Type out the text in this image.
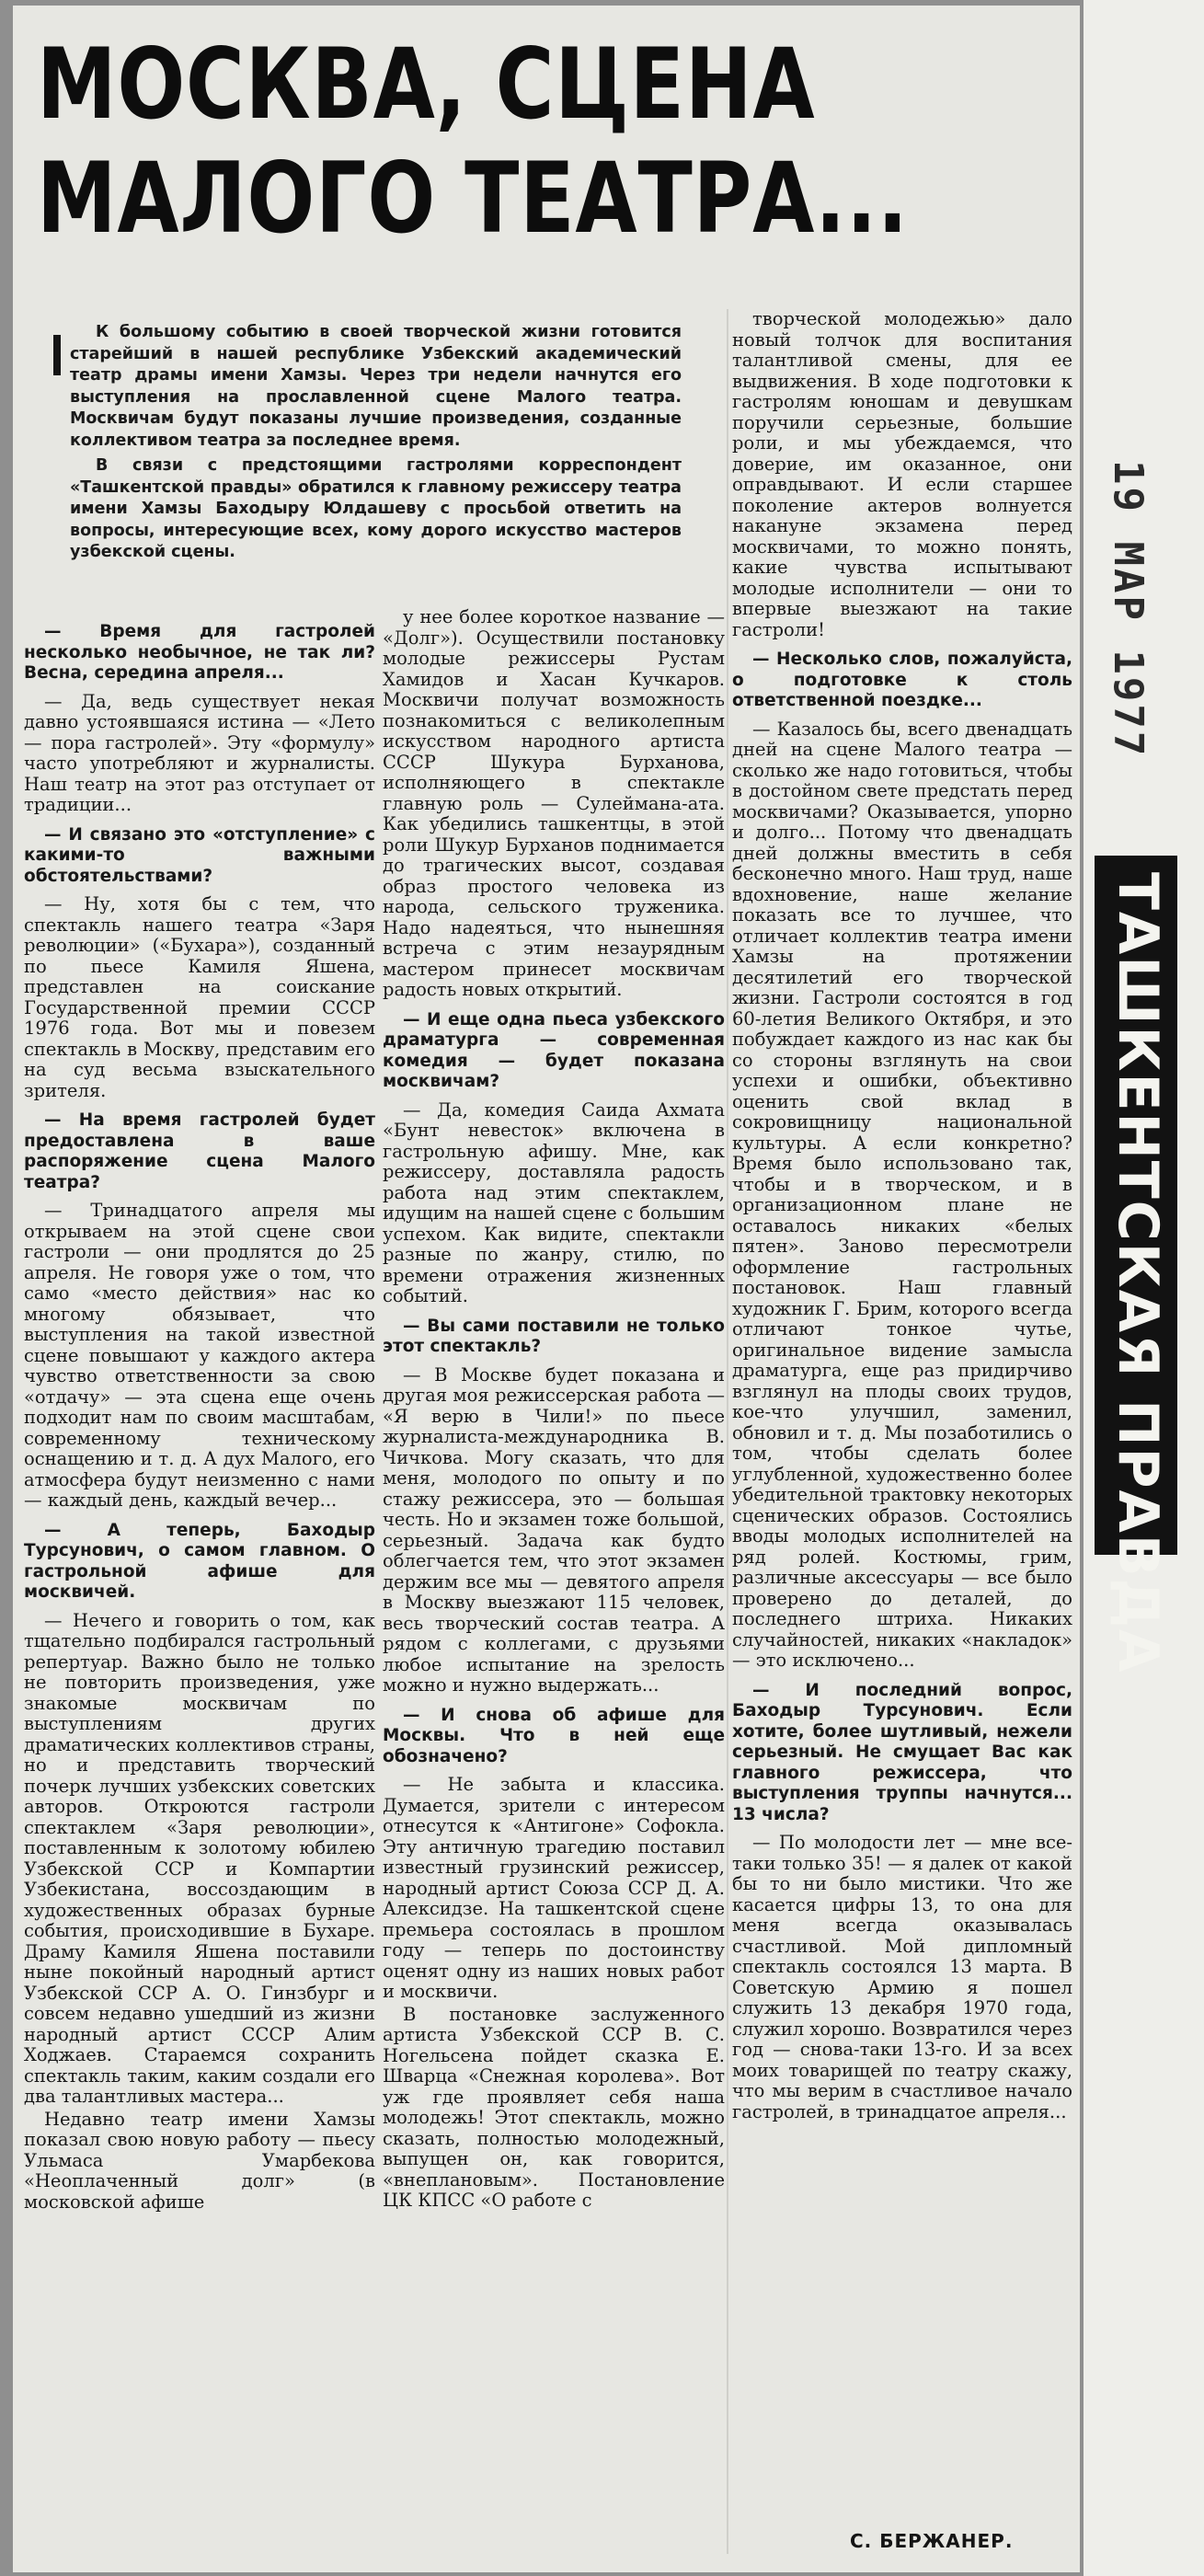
МОСКВА, СЦЕНА
МАЛОГО ТЕАТРА...

К большому событию в своей творческой жизни готовится старейший в нашей республике Узбекский академический театр драмы имени Хамзы. Через три недели начнутся его выступления на прославленной сцене Малого театра. Москвичам будут показаны лучшие произведения, созданные коллективом театра за последнее время.

В связи с предстоящими гастролями корреспондент «Ташкентской правды» обратился к главному режиссеру театра имени Хамзы Баходыру Юлдашеву с просьбой ответить на вопросы, интересующие всех, кому дорого искусство мастеров узбекской сцены.

— Время для гастролей несколько необычное, не так ли? Весна, середина апреля...

— Да, ведь существует некая давно устоявшаяся истина — «Лето — пора гастролей». Эту «формулу» часто употребляют и журналисты. Наш театр на этот раз отступает от традиции...

— И связано это «отступление» с какими-то важными обстоятельствами?

— Ну, хотя бы с тем, что спектакль нашего театра «Заря революции» («Бухара»), созданный по пьесе Камиля Яшена, представлен на соискание Государственной премии СССР 1976 года. Вот мы и повезем спектакль в Москву, представим его на суд весьма взыскательного зрителя.

— На время гастролей будет предоставлена в ваше распоряжение сцена Малого театра?

— Тринадцатого апреля мы открываем на этой сцене свои гастроли — они продлятся до 25 апреля. Не говоря уже о том, что само «место действия» нас ко многому обязывает, что выступления на такой известной сцене повышают у каждого актера чувство ответственности за свою «отдачу» — эта сцена еще очень подходит нам по своим масштабам, современному техническому оснащению и т. д. А дух Малого, его атмосфера будут неизменно с нами — каждый день, каждый вечер...

— А теперь, Баходыр Турсунович, о самом главном. О гастрольной афише для москвичей.

— Нечего и говорить о том, как тщательно подбирался гастрольный репертуар. Важно было не только не повторить произведения, уже знакомые москвичам по выступлениям других драматических коллективов страны, но и представить творческий почерк лучших узбекских советских авторов. Откроются гастроли спектаклем «Заря революции», поставленным к золотому юбилею Узбекской ССР и Компартии Узбекистана, воссоздающим в художественных образах бурные события, происходившие в Бухаре. Драму Камиля Яшена поставили ныне покойный народный артист Узбекской ССР А. О. Гинзбург и совсем недавно ушедший из жизни народный артист СССР Алим Ходжаев. Стараемся сохранить спектакль таким, каким создали его два талантливых мастера...

Недавно театр имени Хамзы показал свою новую работу — пьесу Ульмаса Умарбекова «Неоплаченный долг» (в московской афише

у нее более короткое название — «Долг»). Осуществили постановку молодые режиссеры Рустам Хамидов и Хасан Кучкаров. Москвичи получат возможность познакомиться с великолепным искусством народного артиста СССР Шукура Бурханова, исполняющего в спектакле главную роль — Сулеймана-ата. Как убедились ташкентцы, в этой роли Шукур Бурханов поднимается до трагических высот, создавая образ простого человека из народа, сельского труженика. Надо надеяться, что нынешняя встреча с этим незаурядным мастером принесет москвичам радость новых открытий.

— И еще одна пьеса узбекского драматурга — современная комедия — будет показана москвичам?

— Да, комедия Саида Ахмата «Бунт невесток» включена в гастрольную афишу. Мне, как режиссеру, доставляла радость работа над этим спектаклем, идущим на нашей сцене с большим успехом. Как видите, спектакли разные по жанру, стилю, по времени отражения жизненных событий.

— Вы сами поставили не только этот спектакль?

— В Москве будет показана и другая моя режиссерская работа — «Я верю в Чили!» по пьесе журналиста-международника В. Чичкова. Могу сказать, что для меня, молодого по опыту и по стажу режиссера, это — большая честь. Но и экзамен тоже большой, серьезный. Задача как будто облегчается тем, что этот экзамен держим все мы — девятого апреля в Москву выезжают 115 человек, весь творческий состав театра. А рядом с коллегами, с друзьями любое испытание на зрелость можно и нужно выдержать...

— И снова об афише для Москвы. Что в ней еще обозначено?

— Не забыта и классика. Думается, зрители с интересом отнесутся к «Антигоне» Софокла. Эту античную трагедию поставил известный грузинский режиссер, народный артист Союза ССР Д. А. Алексидзе. На ташкентской сцене премьера состоялась в прошлом году — теперь по достоинству оценят одну из наших новых работ и москвичи.

В постановке заслуженного артиста Узбекской ССР В. С. Ногельсена пойдет сказка Е. Шварца «Снежная королева». Вот уж где проявляет себя наша молодежь! Этот спектакль, можно сказать, полностью молодежный, выпущен он, как говорится, «внеплановым». Постановление ЦК КПСС «О работе с

творческой молодежью» дало новый толчок для воспитания талантливой смены, для ее выдвижения. В ходе подготовки к гастролям юношам и девушкам поручили серьезные, большие роли, и мы убеждаемся, что доверие, им оказанное, они оправдывают. И если старшее поколение актеров волнуется накануне экзамена перед москвичами, то можно понять, какие чувства испытывают молодые исполнители — они то впервые выезжают на такие гастроли!

— Несколько слов, пожалуйста, о подготовке к столь ответственной поездке...

— Казалось бы, всего двенадцать дней на сцене Малого театра — сколько же надо готовиться, чтобы в достойном свете предстать перед москвичами? Оказывается, упорно и долго... Потому что двенадцать дней должны вместить в себя бесконечно много. Наш труд, наше вдохновение, наше желание показать все то лучшее, что отличает коллектив театра имени Хамзы на протяжении десятилетий его творческой жизни. Гастроли состоятся в год 60-летия Великого Октября, и это побуждает каждого из нас как бы со стороны взглянуть на свои успехи и ошибки, объективно оценить свой вклад в сокровищницу национальной культуры. А если конкретно? Время было использовано так, чтобы и в творческом, и в организационном плане не оставалось никаких «белых пятен». Заново пересмотрели оформление гастрольных постановок. Наш главный художник Г. Брим, которого всегда отличают тонкое чутье, оригинальное видение замысла драматурга, еще раз придирчиво взглянул на плоды своих трудов, кое-что улучшил, заменил, обновил и т. д. Мы позаботились о том, чтобы сделать более углубленной, художественно более убедительной трактовку некоторых сценических образов. Состоялись вводы молодых исполнителей на ряд ролей. Костюмы, грим, различные аксессуары — все было проверено до деталей, до последнего штриха. Никаких случайностей, никаких «накладок» — это исключено...

— И последний вопрос, Баходыр Турсунович. Если хотите, более шутливый, нежели серьезный. Не смущает Вас как главного режиссера, что выступления труппы начнутся... 13 числа?

— По молодости лет — мне все-таки только 35! — я далек от какой бы то ни было мистики. Что же касается цифры 13, то она для меня всегда оказывалась счастливой. Мой дипломный спектакль состоялся 13 марта. В Советскую Армию я пошел служить 13 декабря 1970 года, служил хорошо. Возвратился через год — снова-таки 13-го. И за всех моих товарищей по театру скажу, что мы верим в счастливое начало гастролей, в тринадцатое апреля...

С. БЕРЖАНЕР.
19 МАР 1977
ТАШКЕНТСКАЯ ПРАВДА
